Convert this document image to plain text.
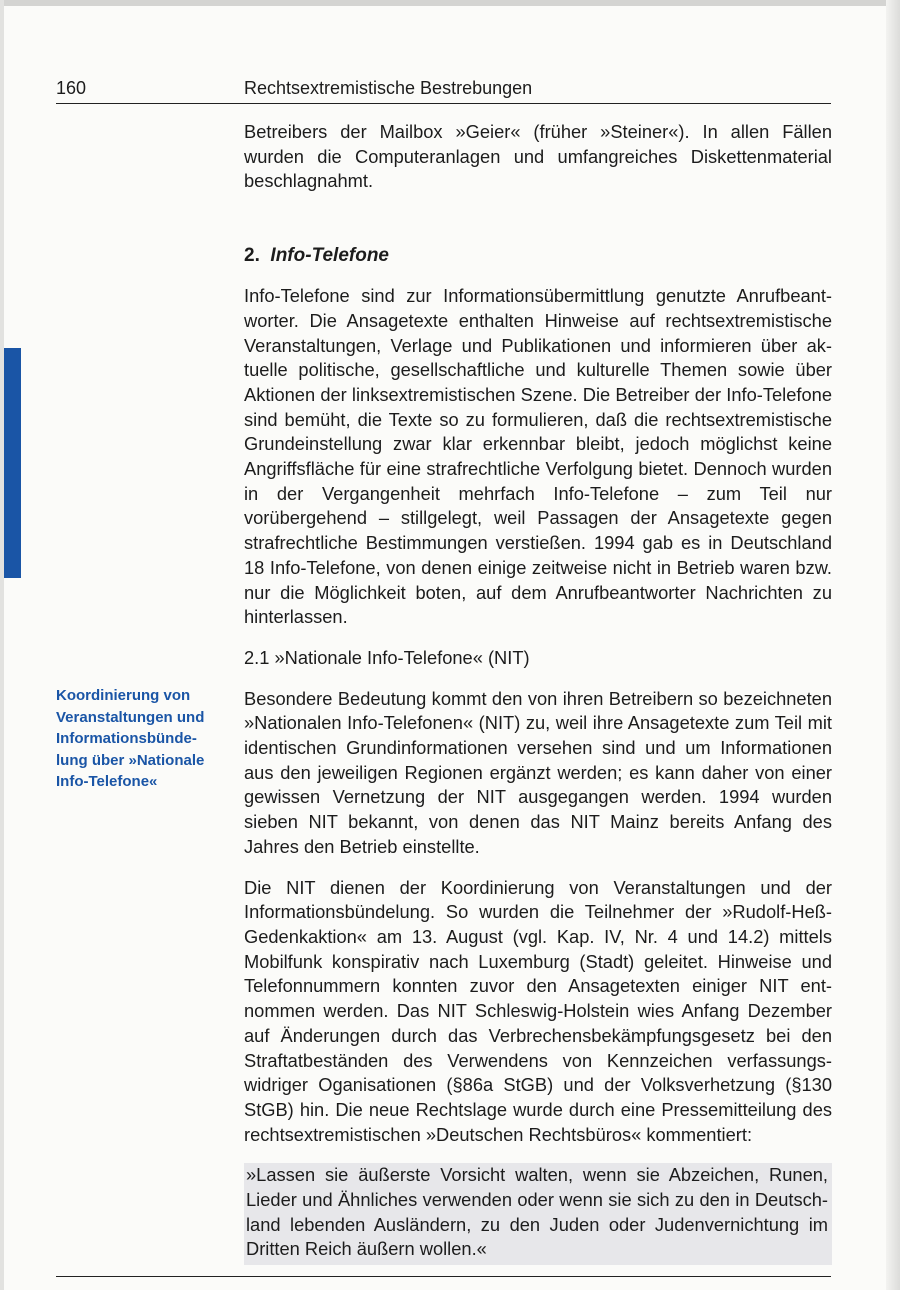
160	Rechtsextremistische Bestrebungen

Betreibers der Mailbox »Geier« (früher »Steiner«). In allen Fällen wurden die Computeranlagen und umfangreiches Diskettenmaterial beschlagnahmt.

2. Info-Telefone

Info-Telefone sind zur Informationsübermittlung genutzte Anrufbeantworter. Die Ansagetexte enthalten Hinweise auf rechtsextremistische Veranstaltungen, Verlage und Publikationen und informieren über aktuelle politische, gesellschaftliche und kulturelle Themen sowie über Aktionen der linksextremistischen Szene. Die Betreiber der Info-Telefone sind bemüht, die Texte so zu formulieren, daß die rechtsextremistische Grundeinstellung zwar klar erkennbar bleibt, jedoch möglichst keine Angriffsfläche für eine strafrechtliche Verfolgung bietet. Dennoch wurden in der Vergangenheit mehrfach Info-Telefone – zum Teil nur vorübergehend – stillgelegt, weil Passagen der Ansagetexte gegen strafrechtliche Bestimmungen verstießen. 1994 gab es in Deutschland 18 Info-Telefone, von denen einige zeitweise nicht in Betrieb waren bzw. nur die Möglichkeit boten, auf dem Anrufbeantworter Nachrichten zu hinterlassen.

2.1 »Nationale Info-Telefone« (NIT)

Besondere Bedeutung kommt den von ihren Betreibern so bezeichneten »Nationalen Info-Telefonen« (NIT) zu, weil ihre Ansagetexte zum Teil mit identischen Grundinformationen versehen sind und um Informationen aus den jeweiligen Regionen ergänzt werden; es kann daher von einer gewissen Vernetzung der NIT ausgegangen werden. 1994 wurden sieben NIT bekannt, von denen das NIT Mainz bereits Anfang des Jahres den Betrieb einstellte.

Die NIT dienen der Koordinierung von Veranstaltungen und der Informationsbündelung. So wurden die Teilnehmer der »Rudolf-Heß-Gedenkaktion« am 13. August (vgl. Kap. IV, Nr. 4 und 14.2) mittels Mobilfunk konspirativ nach Luxemburg (Stadt) geleitet. Hinweise und Telefonnummern konnten zuvor den Ansagetexten einiger NIT entnommen werden. Das NIT Schleswig-Holstein wies Anfang Dezember auf Änderungen durch das Verbrechensbekämpfungsgesetz bei den Straftatbeständen des Verwendens von Kennzeichen verfassungswidriger Oganisationen (§86a StGB) und der Volksverhetzung (§130 StGB) hin. Die neue Rechtslage wurde durch eine Pressemitteilung des rechtsextremistischen »Deutschen Rechtsbüros« kommentiert:

»Lassen sie äußerste Vorsicht walten, wenn sie Abzeichen, Runen, Lieder und Ähnliches verwenden oder wenn sie sich zu den in Deutschland lebenden Ausländern, zu den Juden oder Judenvernichtung im Dritten Reich äußern wollen.«

Koordinierung von Veranstaltungen und Informationsbündelung über »Nationale Info-Telefone«
